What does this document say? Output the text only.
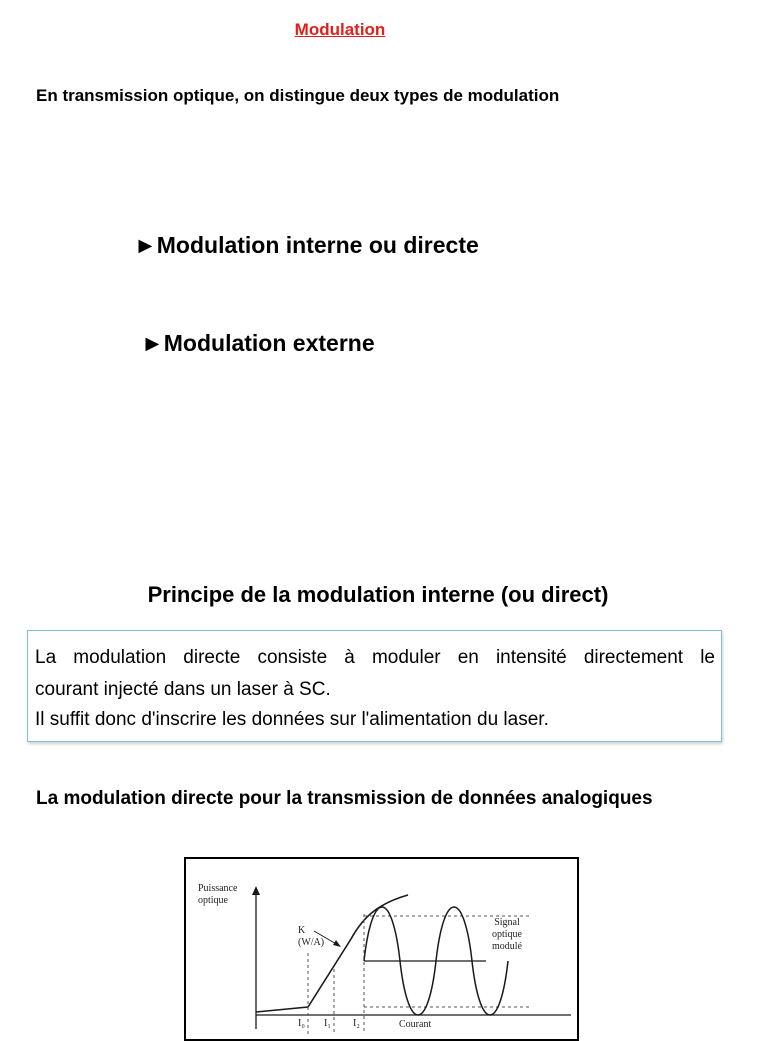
Modulation
En transmission optique, on distingue deux types de modulation
►Modulation interne ou directe
►Modulation externe
Principe de la modulation interne (ou direct)

La modulation directe consiste à moduler en intensité directement le

courant injecté dans un laser à SC.

Il suffit donc d'inscrire les données sur l'alimentation du laser.

La modulation directe pour la transmission de données analogiques
Puissance
optique
K
(W/A)
Signal
optique
modulé
I₀ I₁ I₂	Courant
